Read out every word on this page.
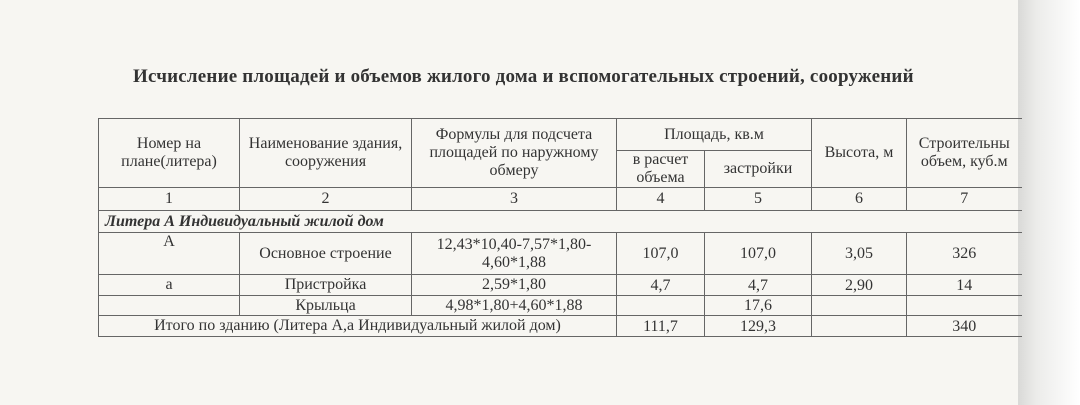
Исчисление площадей и объемов жилого дома и вспомогательных строений, сооружений
Номер на плане(литера)	Наименование здания, сооружения	Формулы для подсчета площадей по наружному обмеру	Площадь, кв.м		Высота, м	Строительны объем, куб.м
			в расчет объема	застройки		
1	2	3	4	5	6	7
Литера А Индивидуальный жилой дом						
А	Основное строение	12,43*10,40-7,57*1,80-4,60*1,88	107,0	107,0	3,05	326
а	Пристройка	2,59*1,80	4,7	4,7	2,90	14
	Крыльца	4,98*1,80+4,60*1,88		17,6		
Итого по зданию (Литера А,а Индивидуальный жилой дом)			111,7	129,3		340
